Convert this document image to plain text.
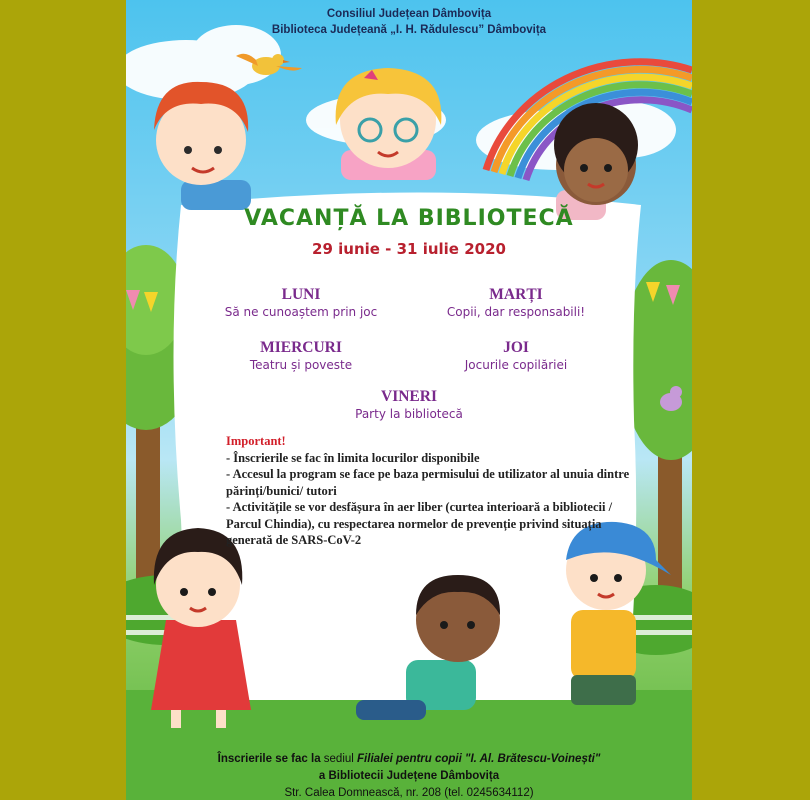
Consiliul Județean Dâmbovița
Biblioteca Județeană „I. H. Rădulescu” Dâmbovița
VACANȚĂ LA BIBLIOTECĂ
29 iunie - 31 iulie 2020
LUNI
Să ne cunoaștem prin joc
MARȚI
Copii, dar responsabili!
MIERCURI
Teatru și poveste
JOI
Jocurile copilăriei
VINERI
Party la bibliotecă
Important!
- Înscrierile se fac în limita locurilor disponibile
- Accesul la program se face pe baza permisului de utilizator al unuia dintre părinți/bunici/ tutori
- Activitățile se vor desfășura în aer liber (curtea interioară a bibliotecii / Parcul Chindia), cu respectarea normelor de prevenție privind situația generată de SARS-CoV-2
Înscrierile se fac la sediul Filialei pentru copii "I. Al. Brătescu-Voinești"
a Bibliotecii Județene Dâmbovița
Str. Calea Domnească, nr. 208 (tel. 0245634112)
